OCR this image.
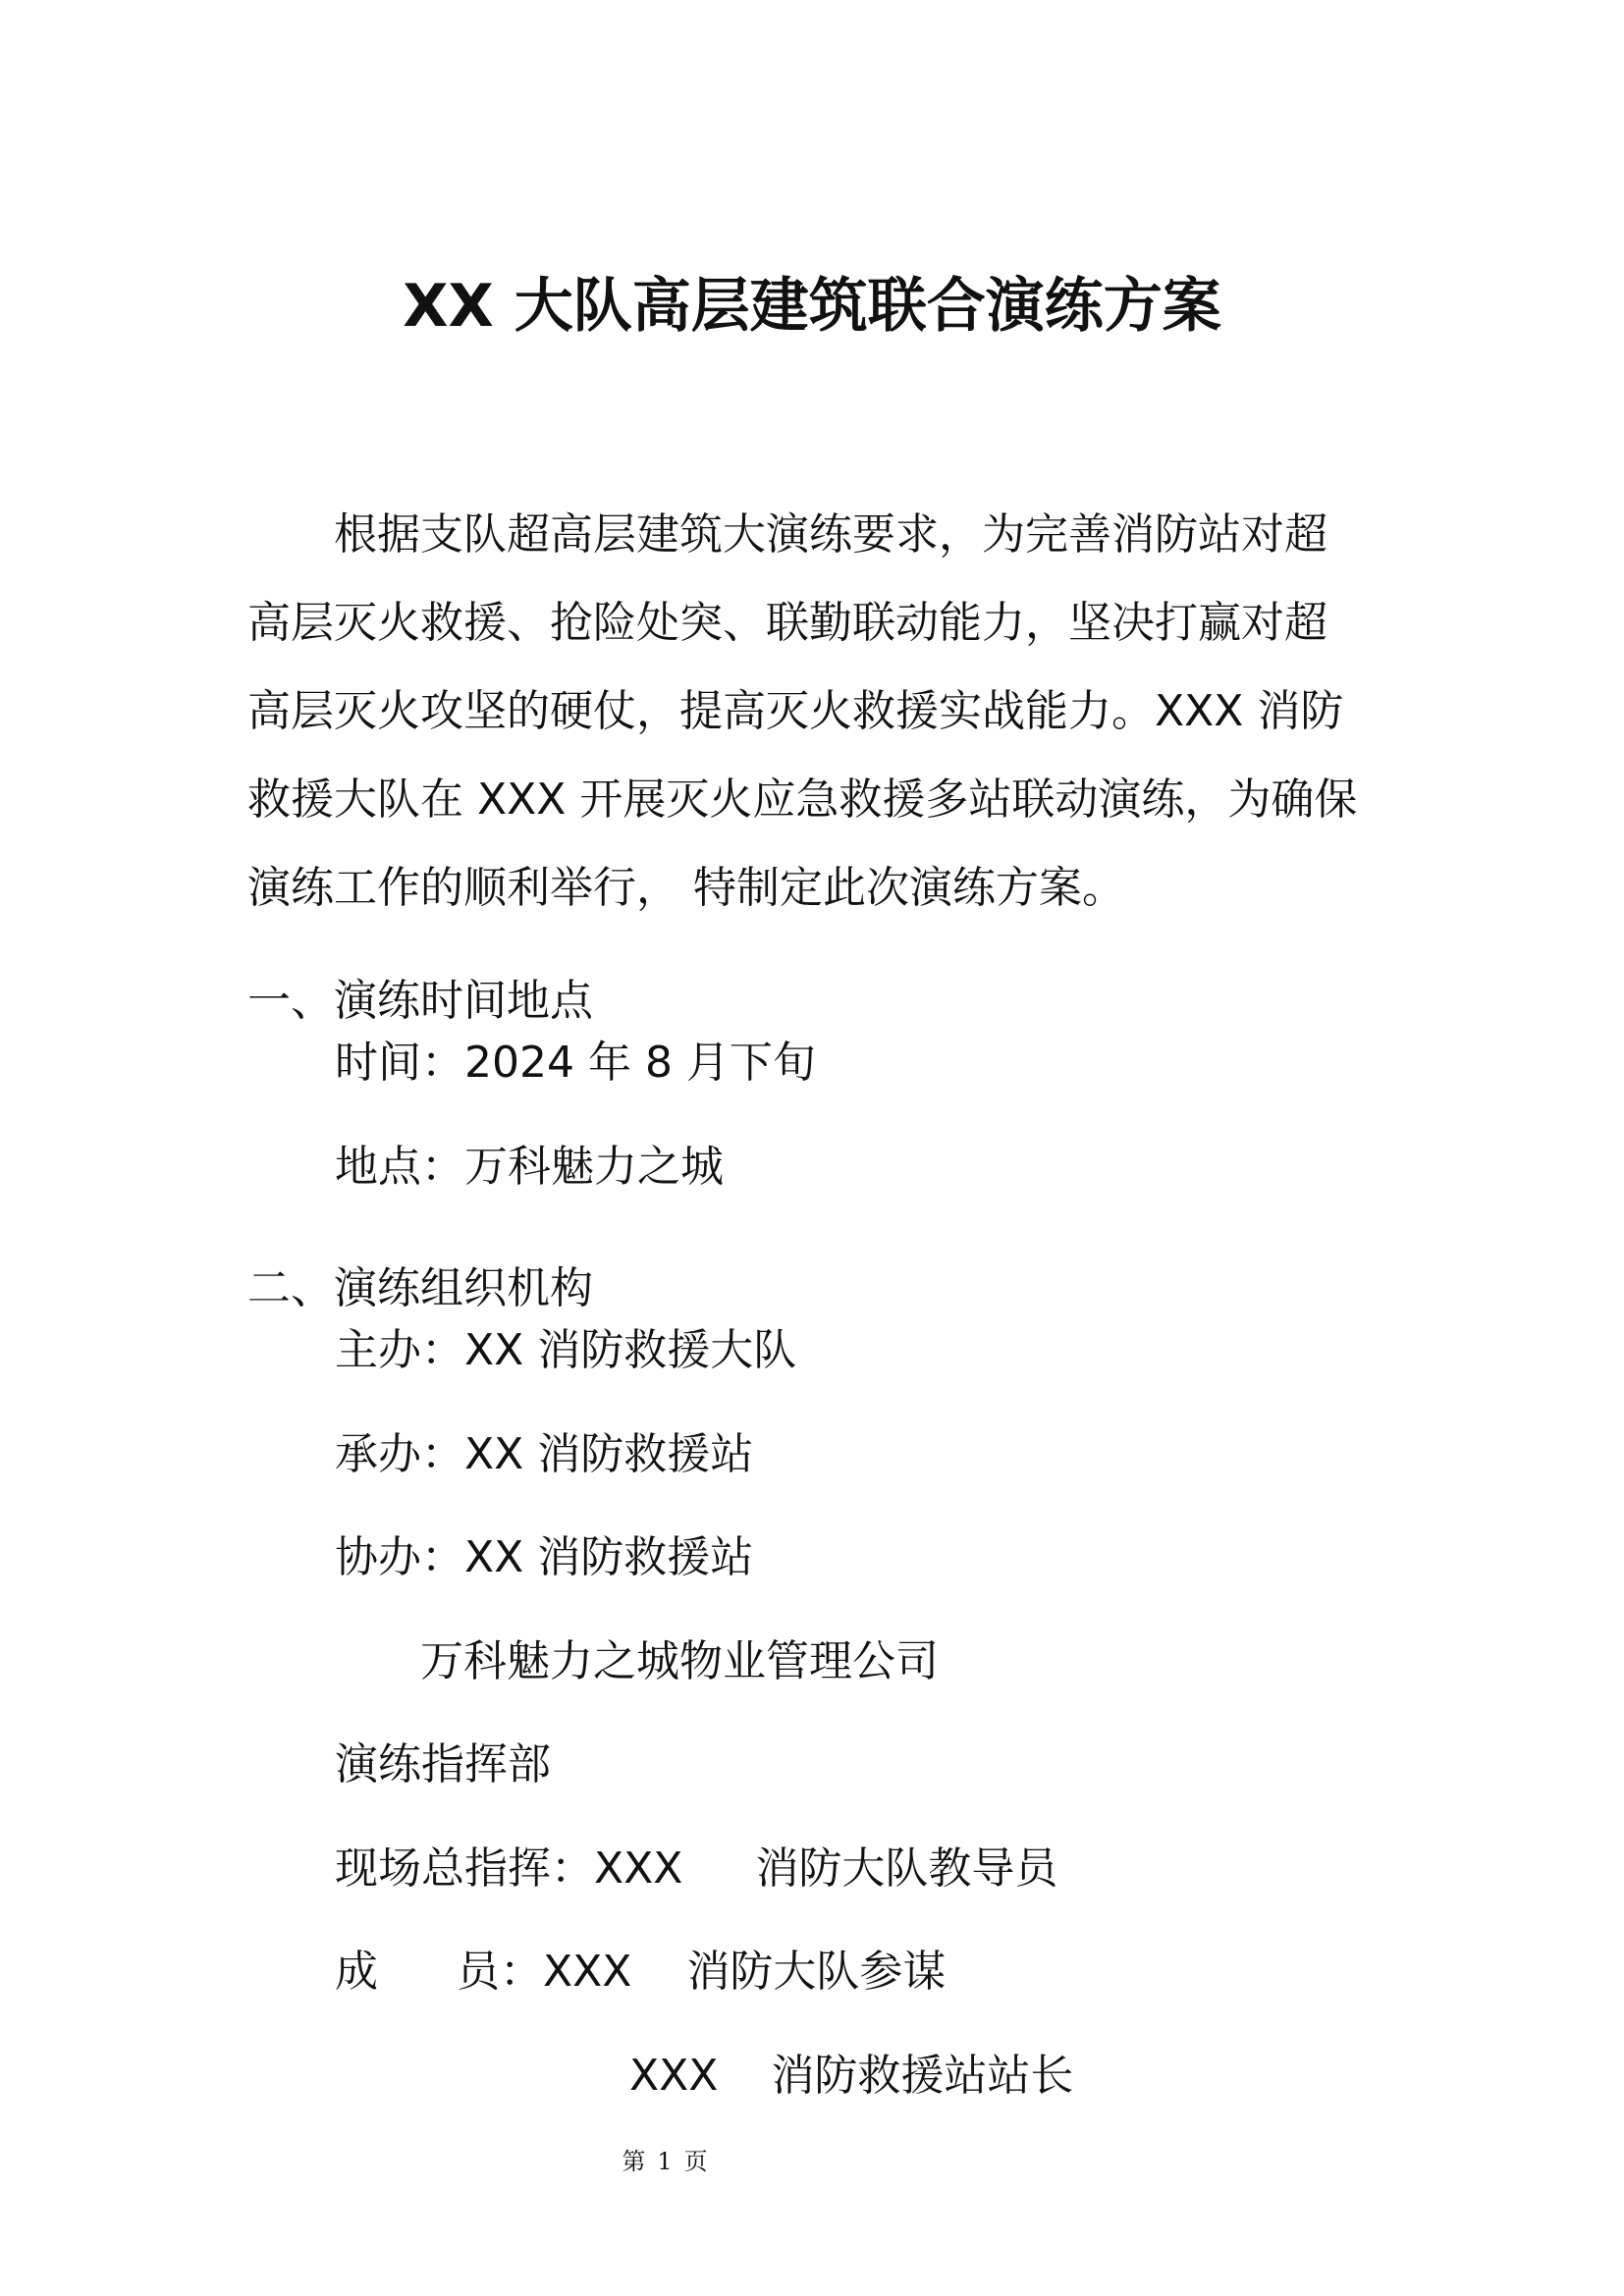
XX 大队高层建筑联合演练方案
根据支队超高层建筑大演练要求，为完善消防站对超
高层灭火救援、抢险处突、联勤联动能力，坚决打赢对超
高层灭火攻坚的硬仗，提高灭火救援实战能力。XXX 消防
救援大队在 XXX 开展灭火应急救援多站联动演练，为确保
演练工作的顺利举行， 特制定此次演练方案。
一、演练时间地点
时间：2024 年 8 月下旬
地点：万科魅力之城
二、演练组织机构
主办：XX 消防救援大队
承办：XX 消防救援站
协办：XX 消防救援站
万科魅力之城物业管理公司
演练指挥部
现场总指挥：XXX 消防大队教导员
成 员：XXX 消防大队参谋
XXX 消防救援站站长
第 1 页
